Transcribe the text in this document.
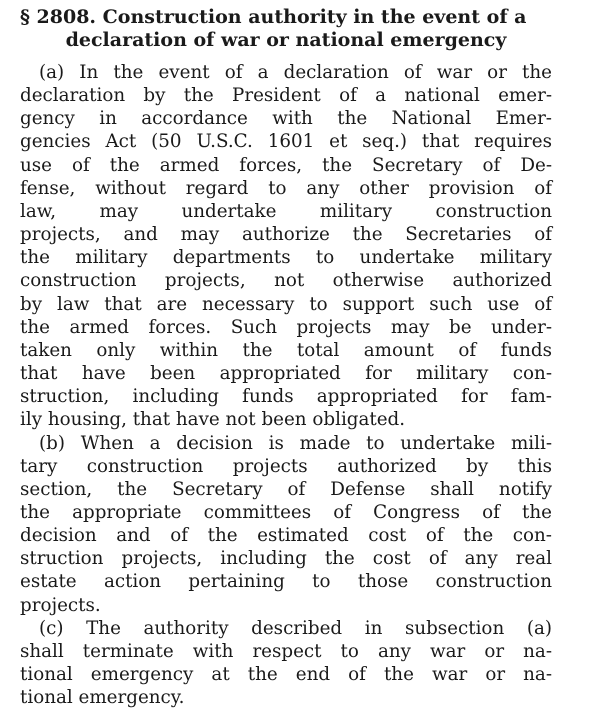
§ 2808. Construction authority in the event of a
declaration of war or national emergency
(a) In the event of a declaration of war or the
declaration by the President of a national emer-
gency in accordance with the National Emer-
gencies Act (50 U.S.C. 1601 et seq.) that requires
use of the armed forces, the Secretary of De-
fense, without regard to any other provision of
law, may undertake military construction
projects, and may authorize the Secretaries of
the military departments to undertake military
construction projects, not otherwise authorized
by law that are necessary to support such use of
the armed forces. Such projects may be under-
taken only within the total amount of funds
that have been appropriated for military con-
struction, including funds appropriated for fam-
ily housing, that have not been obligated.
(b) When a decision is made to undertake mili-
tary construction projects authorized by this
section, the Secretary of Defense shall notify
the appropriate committees of Congress of the
decision and of the estimated cost of the con-
struction projects, including the cost of any real
estate action pertaining to those construction
projects.
(c) The authority described in subsection (a)
shall terminate with respect to any war or na-
tional emergency at the end of the war or na-
tional emergency.
